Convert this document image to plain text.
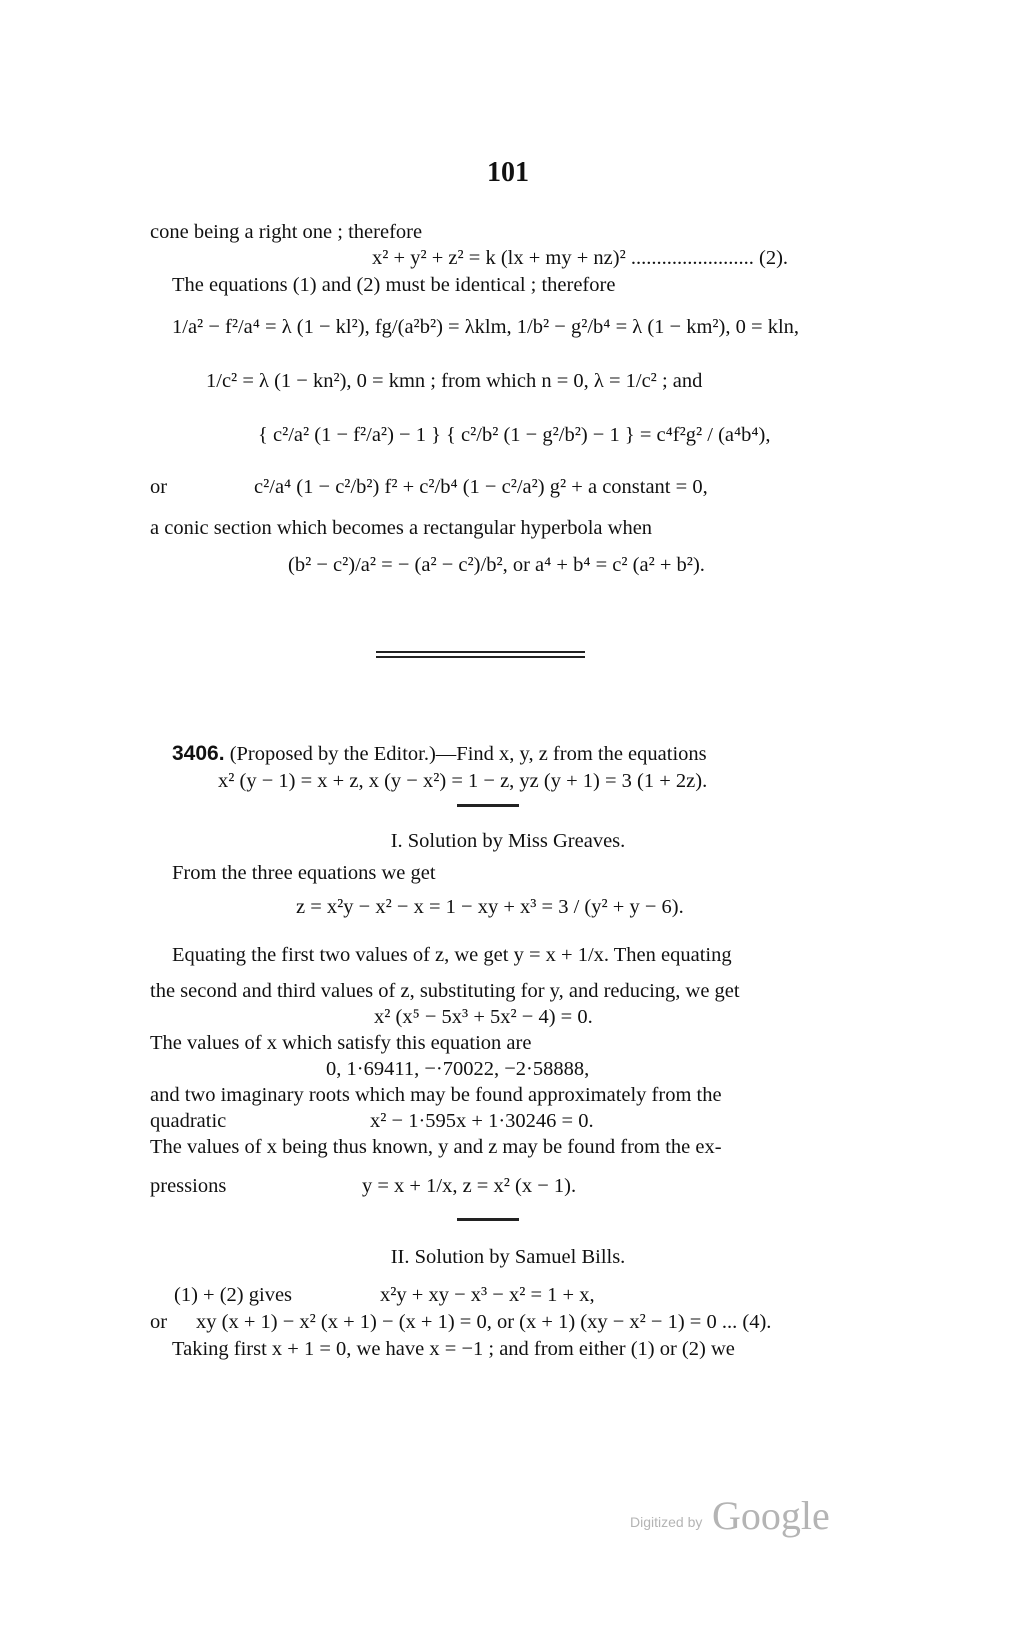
101
cone being a right one ; therefore
x² + y² + z² = k (lx + my + nz)² ........................ (2).
The equations (1) and (2) must be identical ; therefore
1/a² − f²/a⁴ = λ (1 − kl²), fg/(a²b²) = λklm, 1/b² − g²/b⁴ = λ (1 − km²), 0 = kln,
1/c² = λ (1 − kn²), 0 = kmn ; from which n = 0, λ = 1/c² ; and
{ c²/a² (1 − f²/a²) − 1 } { c²/b² (1 − g²/b²) − 1 } = c⁴f²g² / (a⁴b⁴),
or	c²/a⁴ (1 − c²/b²) f² + c²/b⁴ (1 − c²/a²) g² + a constant = 0,
a conic section which becomes a rectangular hyperbola when
(b² − c²)/a² = − (a² − c²)/b², or a⁴ + b⁴ = c² (a² + b²).
3406. (Proposed by the Editor.)—Find x, y, z from the equations
x² (y − 1) = x + z, x (y − x²) = 1 − z, yz (y + 1) = 3 (1 + 2z).
I. Solution by Miss Greaves.
From the three equations we get
z = x²y − x² − x = 1 − xy + x³ = 3 / (y² + y − 6).
Equating the first two values of z, we get y = x + 1/x. Then equating
the second and third values of z, substituting for y, and reducing, we get
x² (x⁵ − 5x³ + 5x² − 4) = 0.
The values of x which satisfy this equation are
0, 1·69411, −·70022, −2·58888,
and two imaginary roots which may be found approximately from the
quadratic	x² − 1·595x + 1·30246 = 0.
The values of x being thus known, y and z may be found from the ex-
pressions	y = x + 1/x, z = x² (x − 1).
II. Solution by Samuel Bills.
(1) + (2) gives	x²y + xy − x³ − x² = 1 + x,
or xy (x + 1) − x² (x + 1) − (x + 1) = 0, or (x + 1) (xy − x² − 1) = 0 ... (4).
Taking first x + 1 = 0, we have x = −1 ; and from either (1) or (2) we
Digitized by Google
